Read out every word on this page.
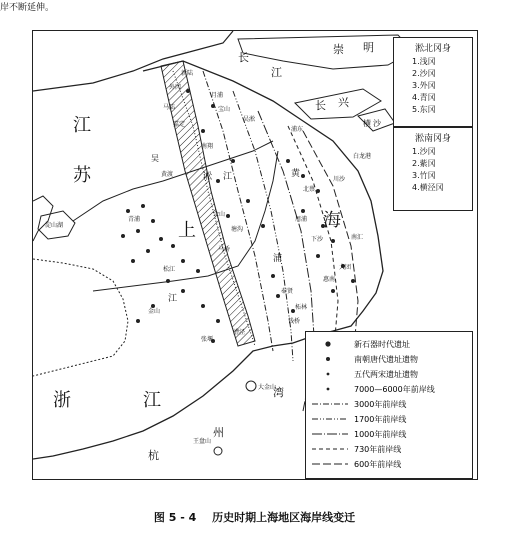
岸不断延伸。
江
苏
上	海
浙	江
长
江
崇 明
长 兴
横 沙
吴
凇 江	黄
浦
江
杭
州
湾
新陆
外冈
月浦
马陆
南翔
黄渡
青浦
佘山
马桥
松江
塘沟
漕泾
柘林
金山
张堰
大金山
浦东
川沙
下沙	南汇
大团
惠南
奉贤
钱桥
白龙港
王盘山
淀山湖
吴淞
宝山
嘉定
北蔡
周浦
淞北冈身
1.浅冈
2.沙冈
3.外冈
4.青冈
5.东冈
淞南冈身
1.沙冈
2.紫冈
3.竹冈
4.横泾冈
新石器时代遗址
南朝唐代遗址遗物
五代两宋遗址遗物
7000—6000年前岸线
3000年前岸线
1700年前岸线
1000年前岸线
730年前岸线
600年前岸线
图 5 - 4 历史时期上海地区海岸线变迁
